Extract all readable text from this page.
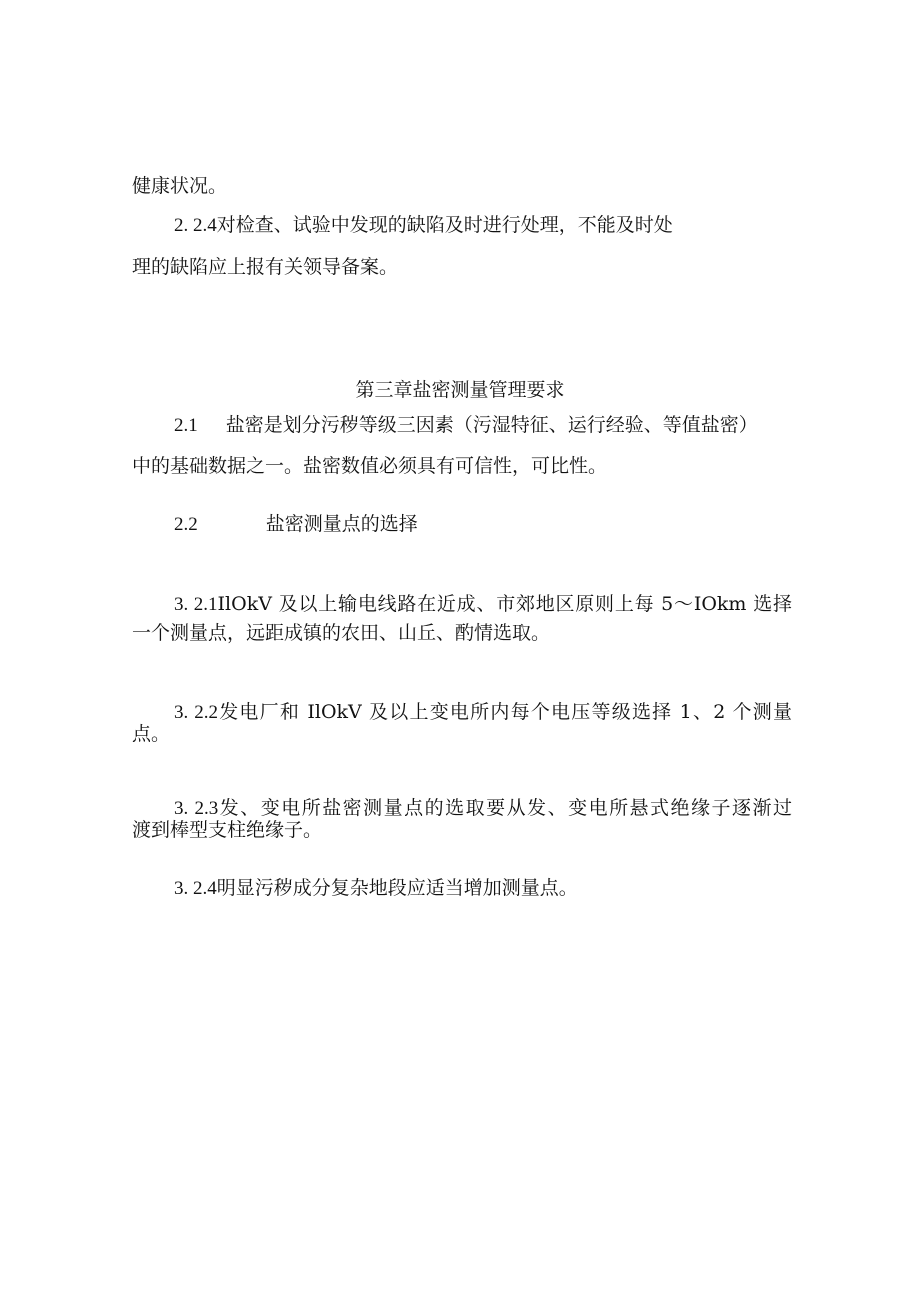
健康状况。

2. 2.4对检查、试验中发现的缺陷及时进行处理，不能及时处

理的缺陷应上报有关领导备案。

第三章盐密测量管理要求

2.1 盐密是划分污秽等级三因素（污湿特征、运行经验、等值盐密）

中的基础数据之一。盐密数值必须具有可信性，可比性。

2.2	盐密测量点的选择

3. 2.1IlOkV 及以上输电线路在近成、市郊地区原则上每 5～IOkm 选择

一个测量点，远距成镇的农田、山丘、酌情选取。

3. 2.2发电厂和 IlOkV 及以上变电所内每个电压等级选择 1、2 个测量

点。

3. 2.3发、变电所盐密测量点的选取要从发、变电所悬式绝缘子逐渐过

渡到棒型支柱绝缘子。

3. 2.4明显污秽成分复杂地段应适当增加测量点。
